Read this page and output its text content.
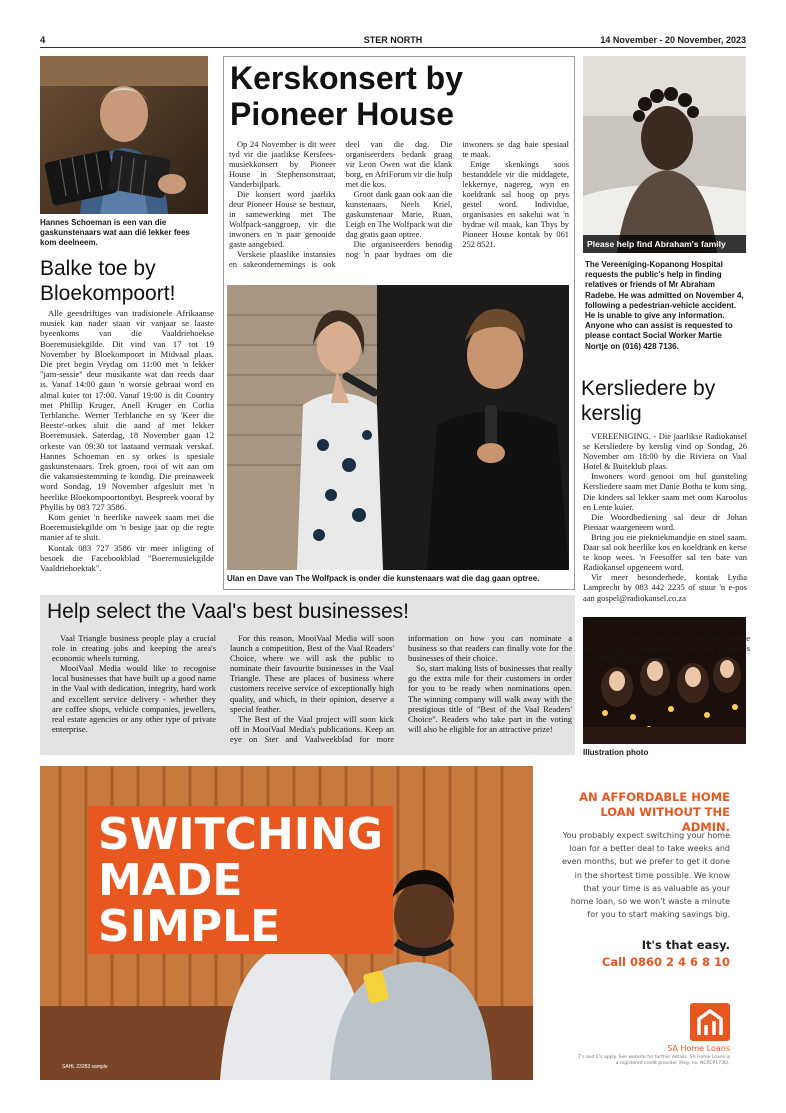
4	STER NORTH	14 November - 20 November, 2023
Hannes Schoeman is een van die gaskunstenaars wat aan dié lekker fees kom deelneem.
Balke toe by Bloekompoort!

Alle geesdriftiges van tradisionele Afrikaanse musiek kan nader staan vir vanjaar se laaste byeenkoms van die Vaaldriehoekse Boeremusiekgilde. Dit vind van 17 tot 19 November by Bloekompoort in Midvaal plaas. Die pret begin Vrydag om 11:00 met 'n lekker "jam-sessie" deur musikante wat dan reeds daar is. Vanaf 14:00 gaan 'n worsie gebraai word en almal kuier tot 17:00. Vanaf 19:00 is dit Country met Phillip Kruger, Anell Kruger en Corlia Terblanche. Werner Terblanche en sy 'Keer die Beeste'-orkes sluit die aand af met lekker Boeremusiek. Saterdag, 18 November gaan 12 orkeste van 09:30 tot laataand vermaak verskaf. Hannes Schoeman en sy orkes is spesiale gaskunstenaars. Trek groen, rooi of wit aan om die vakansiestemming te kondig. Die preinaweek word Sondag, 19 November afgesluit met 'n heerlike Bloekompoortontbyt. Bespreek vooraf by Phyllis by 083 727 3586.

Kom geniet 'n heerlike naweek saam met die Boeremusiekgilde om 'n besige jaar op die regte manier af te sluit.

Kontak 083 727 3586 vir meer inligting of besoek die Facebookblad "Boeremusiekgilde Vaaldriehoektak".

Kerskonsert by Pioneer House

Op 24 November is dit weer tyd vir die jaarlikse Kersfees-musiekkonsert by Pioneer House in Stephensonstraat, Vanderbijlpark.

Die konsert word jaarliks deur Pioneer House se bestuur, in samewerking met The Wolfpack-sanggroep, vir die inwoners en 'n paar genooide gaste aangebied.

Verskeie plaaslike instansies en sakeondernemings is ook deel van die dag. Die organiseerders bedank graag vir Leon Owen wat die klank borg, en AfriForum vir die hulp met die kos.

Groot dank gaan ook aan die kunstenaars, Neels Kriel, gaskunstenaar Marie, Ruan, Leigh en The Wolfpack wat die dag gratis gaan optree.

Die organiseerders benodig nog 'n paar bydraes om die inwoners se dag baie spesiaal te maak.

Enige skenkings soos bestanddele vir die middagete, lekkernye, nagereg, wyn en koeldrank sal hoog op prys gestel word. Individue, organisasies en sakelui wat 'n bydrae wil maak, kan Thys by Pioneer House kontak by 061 252 8521.

Ulan en Dave van The Wolfpack is onder die kunstenaars wat die dag gaan optree.
Please help find Abraham's family
The Vereeniging-Kopanong Hospital requests the public's help in finding relatives or friends of Mr Abraham Radebe. He was admitted on November 4, following a pedestrian-vehicle accident. He is unable to give any information. Anyone who can assist is requested to please contact Social Worker Martie Nortje on (016) 428 7136.
Kersliedere by kerslig

VEREENIGING. - Die jaarlikse Radiokansel se Kersliedere by kerslig vind op Sondag, 26 November om 18:00 by die Riviera on Vaal Hotel & Buiteklub plaas.

Inwoners word genooi om hul gunsteling Kersliedere saam met Danie Botha te kom sing. Die kinders sal lekker saam met oom Karoolus en Lente kuier.

Die Woordbediening sal deur dr Johan Pienaar waargeneem word.

Bring jou eie piekniekmandjie en stoel saam. Daar sal ook heerlike kos en koeldrank en kerse te koop wees. 'n Feesoffer sal ten bate van Radiokansel opgeneem word.

Vir meer besonderhede, kontak Lydia Lamprecht by 083 442 2235 of stuur 'n e-pos aan gospel@radiokansel.co.za

Illustration photo
Help select the Vaal's best businesses!

Vaal Triangle business people play a crucial role in creating jobs and keeping the area's economic wheels turning.

MooiVaal Media would like to recognise local businesses that have built up a good name in the Vaal with dedication, integrity, hard work and excellent service delivery - whether they are coffee shops, vehicle companies, jewellers, real estate agencies or any other type of private enterprise.

For this reason, MooiVaal Media will soon launch a competition, Best of the Vaal Readers' Choice, where we will ask the public to nominate their favourite businesses in the Vaal Triangle. These are places of business where customers receive service of exceptionally high quality, and which, in their opinion, deserve a special feather.

The Best of the Vaal project will soon kick off in MooiVaal Media's publications. Keep an eye on Ster and Vaalweekblad for more information on how you can nominate a business so that readers can finally vote for the businesses of their choice.

So, start making lists of businesses that really go the extra mile for their customers in order for you to be ready when nominations open. The winning company will walk away with the prestigious title of "Best of the Vaal Readers' Choice". Readers who take part in the voting will also be eligible for an attractive prize!

Local is nice: Come and join this positive drive to give recognition to the Vaal Triangle's excellent business people!

SWITCHING
MADE
SIMPLE
SAHL 23283 sample
AN AFFORDABLE HOME
LOAN WITHOUT THE ADMIN.
You probably expect switching your home loan for a better deal to take weeks and even months, but we prefer to get it done in the shortest time possible. We know that your time is as valuable as your home loan, so we won't waste a minute for you to start making savings big.
It's that easy.
Call 0860 2 4 6 8 10
SA Home Loans
T's and C's apply. See website for further details. SA Home Loans is a registered credit provider (Reg. no. NCRCP1736).
